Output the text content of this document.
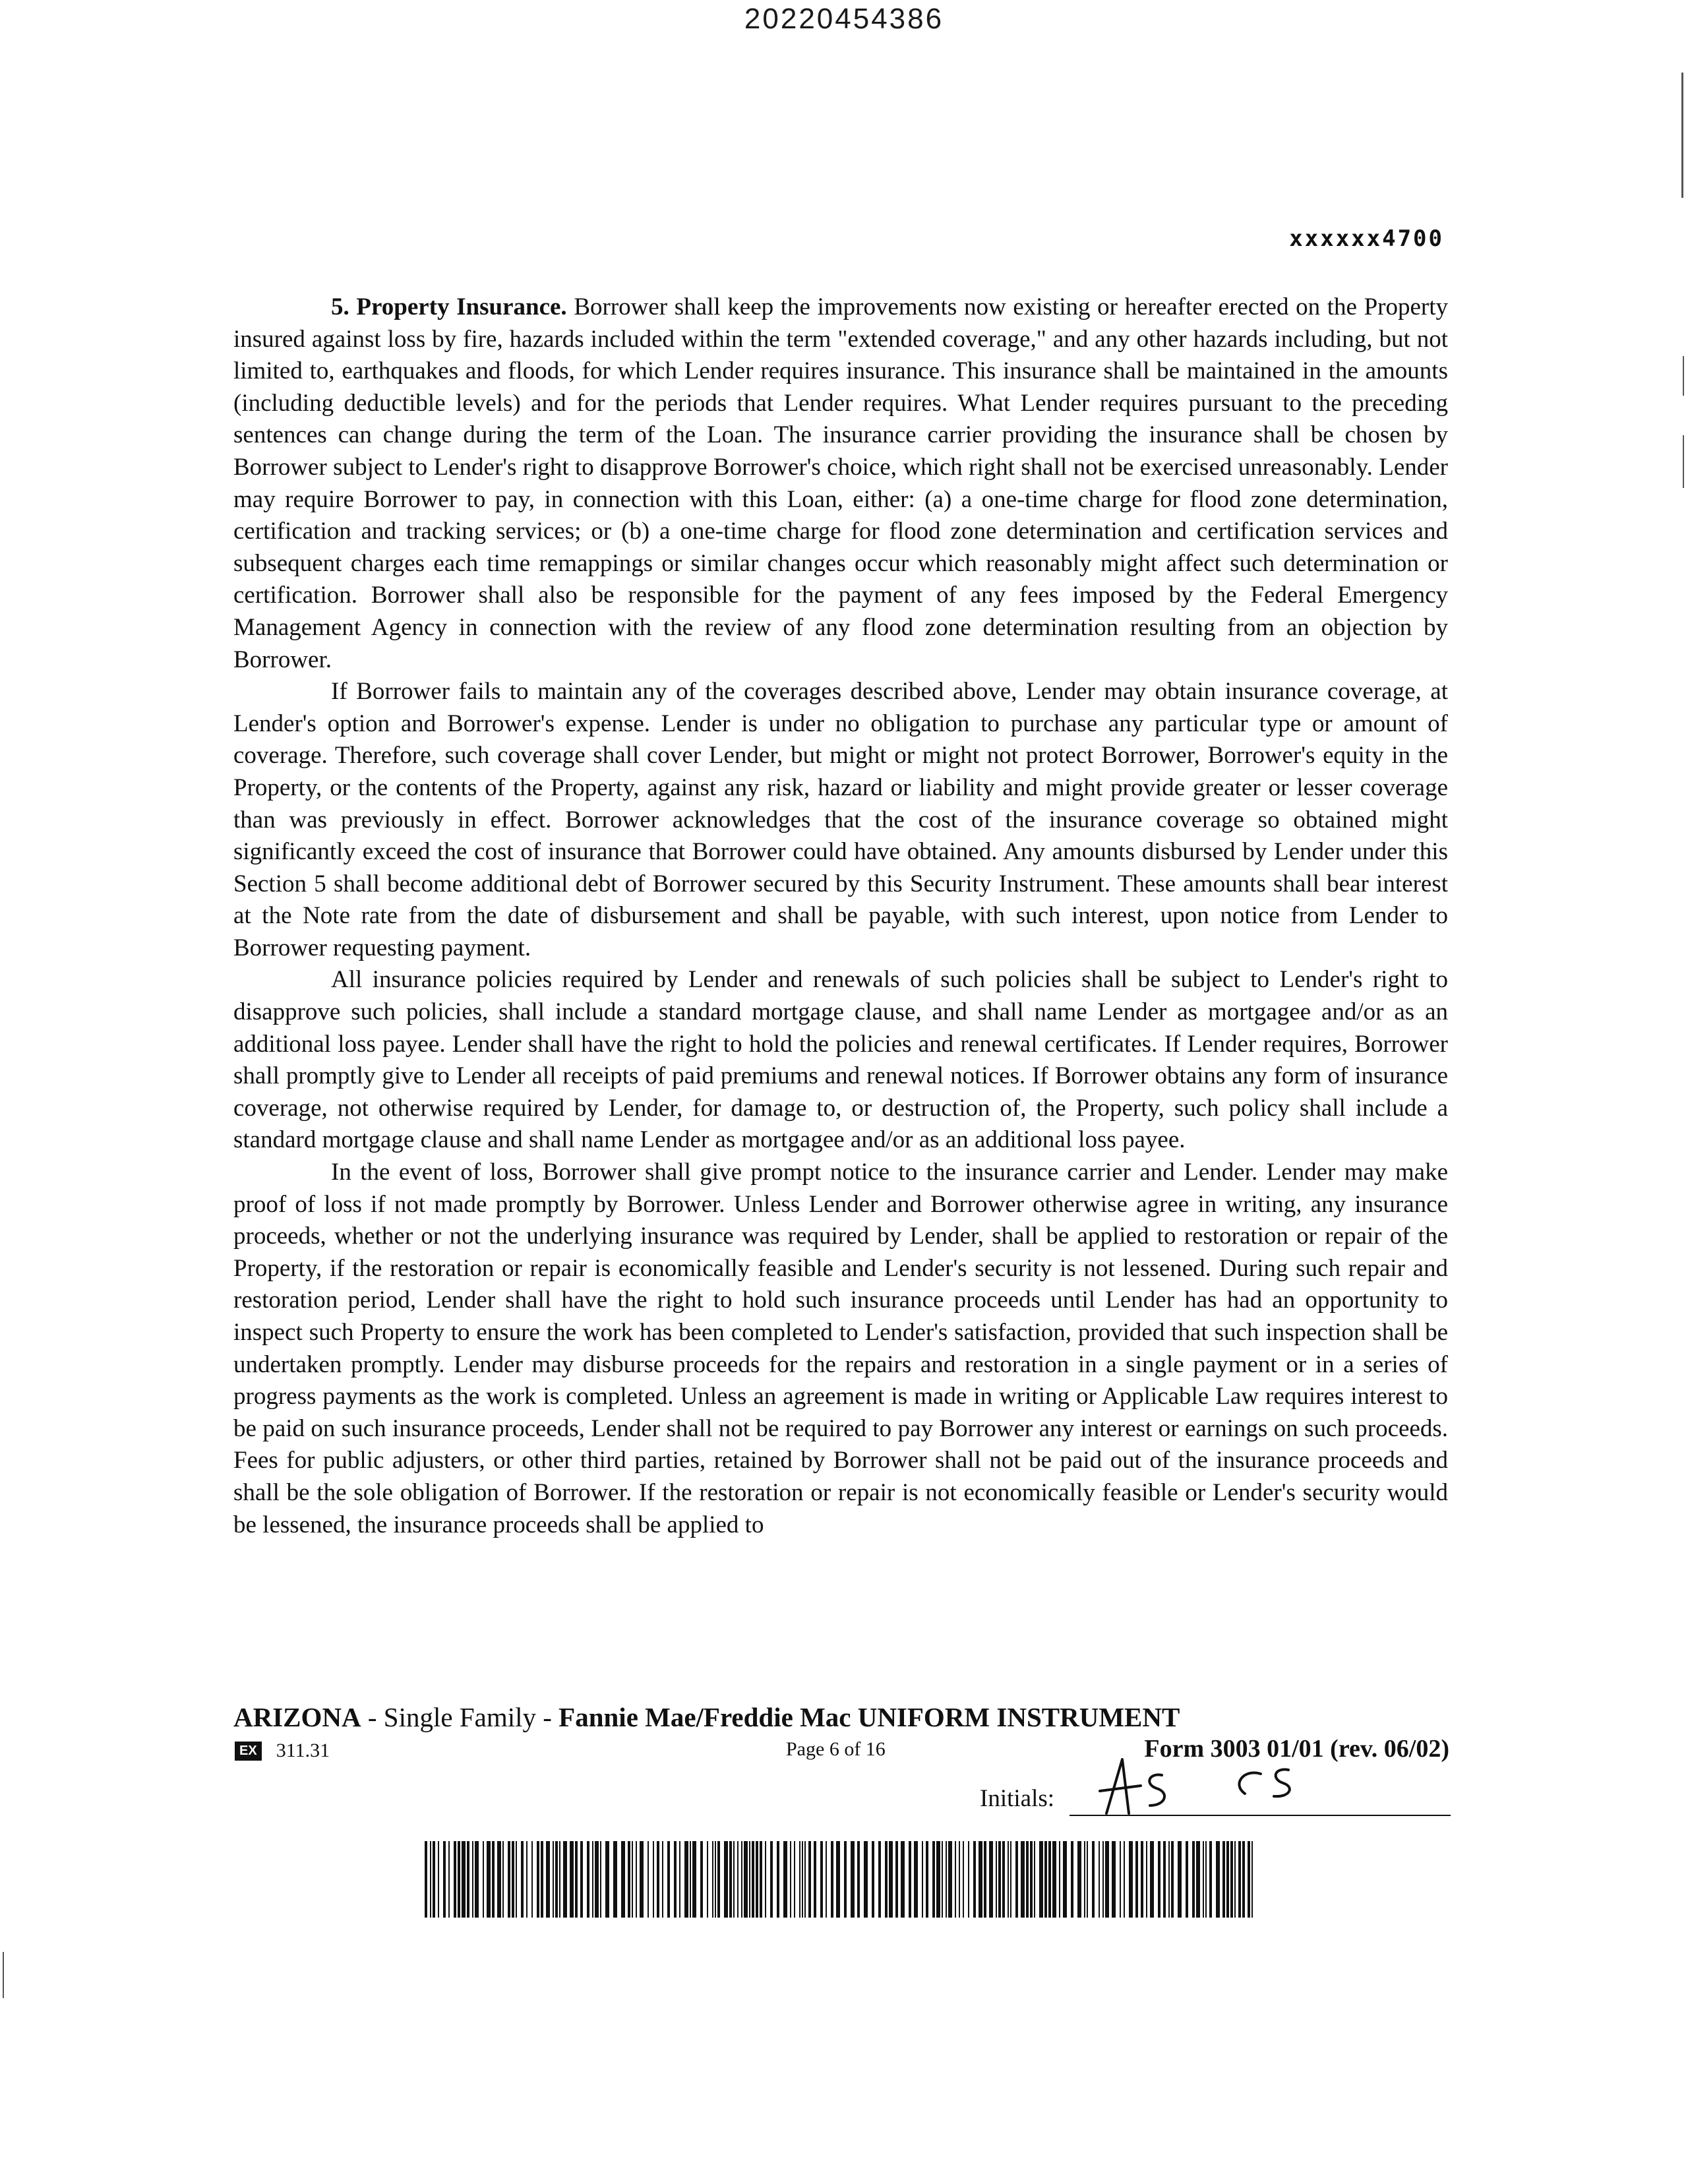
20220454386
xxxxxx4700

5. Property Insurance. Borrower shall keep the improvements now existing or hereafter erected on the Property insured against loss by fire, hazards included within the term "extended coverage," and any other hazards including, but not limited to, earthquakes and floods, for which Lender requires insurance. This insurance shall be maintained in the amounts (including deductible levels) and for the periods that Lender requires. What Lender requires pursuant to the preceding sentences can change during the term of the Loan. The insurance carrier providing the insurance shall be chosen by Borrower subject to Lender's right to disapprove Borrower's choice, which right shall not be exercised unreasonably. Lender may require Borrower to pay, in connection with this Loan, either: (a) a one-time charge for flood zone determination, certification and tracking services; or (b) a one-time charge for flood zone determination and certification services and subsequent charges each time remappings or similar changes occur which reasonably might affect such determination or certification. Borrower shall also be responsible for the payment of any fees imposed by the Federal Emergency Management Agency in connection with the review of any flood zone determination resulting from an objection by Borrower.

If Borrower fails to maintain any of the coverages described above, Lender may obtain insurance coverage, at Lender's option and Borrower's expense. Lender is under no obligation to purchase any particular type or amount of coverage. Therefore, such coverage shall cover Lender, but might or might not protect Borrower, Borrower's equity in the Property, or the contents of the Property, against any risk, hazard or liability and might provide greater or lesser coverage than was previously in effect. Borrower acknowledges that the cost of the insurance coverage so obtained might significantly exceed the cost of insurance that Borrower could have obtained. Any amounts disbursed by Lender under this Section 5 shall become additional debt of Borrower secured by this Security Instrument. These amounts shall bear interest at the Note rate from the date of disbursement and shall be payable, with such interest, upon notice from Lender to Borrower requesting payment.

All insurance policies required by Lender and renewals of such policies shall be subject to Lender's right to disapprove such policies, shall include a standard mortgage clause, and shall name Lender as mortgagee and/or as an additional loss payee. Lender shall have the right to hold the policies and renewal certificates. If Lender requires, Borrower shall promptly give to Lender all receipts of paid premiums and renewal notices. If Borrower obtains any form of insurance coverage, not otherwise required by Lender, for damage to, or destruction of, the Property, such policy shall include a standard mortgage clause and shall name Lender as mortgagee and/or as an additional loss payee.

In the event of loss, Borrower shall give prompt notice to the insurance carrier and Lender. Lender may make proof of loss if not made promptly by Borrower. Unless Lender and Borrower otherwise agree in writing, any insurance proceeds, whether or not the underlying insurance was required by Lender, shall be applied to restoration or repair of the Property, if the restoration or repair is economically feasible and Lender's security is not lessened. During such repair and restoration period, Lender shall have the right to hold such insurance proceeds until Lender has had an opportunity to inspect such Property to ensure the work has been completed to Lender's satisfaction, provided that such inspection shall be undertaken promptly. Lender may disburse proceeds for the repairs and restoration in a single payment or in a series of progress payments as the work is completed. Unless an agreement is made in writing or Applicable Law requires interest to be paid on such insurance proceeds, Lender shall not be required to pay Borrower any interest or earnings on such proceeds. Fees for public adjusters, or other third parties, retained by Borrower shall not be paid out of the insurance proceeds and shall be the sole obligation of Borrower. If the restoration or repair is not economically feasible or Lender's security would be lessened, the insurance proceeds shall be applied to

ARIZONA - Single Family - Fannie Mae/Freddie Mac UNIFORM INSTRUMENT
EX 311.31	Page 6 of 16	Form 3003 01/01 (rev. 06/02)
Initials:
